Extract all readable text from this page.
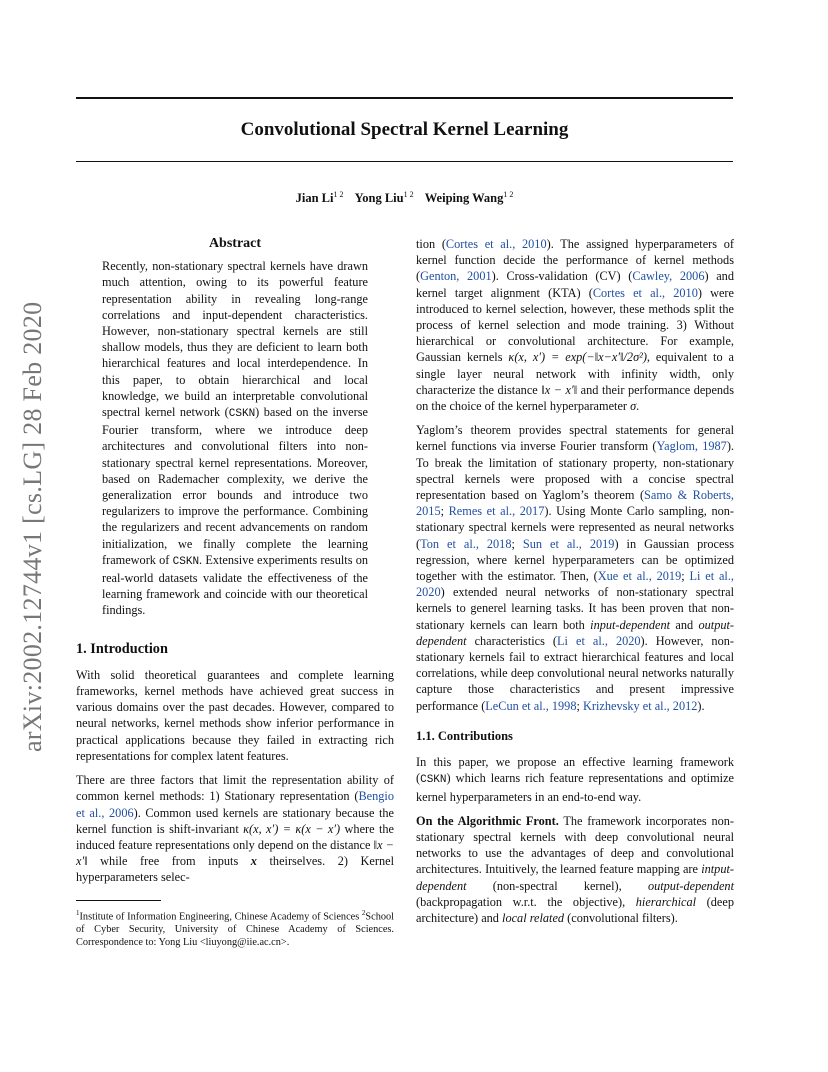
arXiv:2002.12744v1 [cs.LG] 28 Feb 2020
Convolutional Spectral Kernel Learning
Jian $Li^{1 2}$ Yong Liu$^{1 2}$ Weiping Wang$^{1 2}$
Abstract
Recently, non-stationary spectral kernels have drawn much attention, owing to its powerful feature representation ability in revealing long-range correlations and input-dependent characteristics. However, non-stationary spectral kernels are still shallow models, thus they are deficient to learn both hierarchical features and local interdependence. In this paper, to obtain hierarchical and local knowledge, we build an interpretable convolutional spectral kernel network (CSKN) based on the inverse Fourier transform, where we introduce deep architectures and convolutional filters into non-stationary spectral kernel representations. Moreover, based on Rademacher complexity, we derive the generalization error bounds and introduce two regularizers to improve the performance. Combining the regularizers and recent advancements on random initialization, we finally complete the learning framework of CSKN. Extensive experiments results on real-world datasets validate the effectiveness of the learning framework and coincide with our theoretical findings.
1. Introduction

With solid theoretical guarantees and complete learning frameworks, kernel methods have achieved great success in various domains over the past decades. However, compared to neural networks, kernel methods show inferior performance in practical applications because they failed in extracting rich representations for complex latent features.

There are three factors that limit the representation ability of common kernel methods: 1) Stationary representation (Bengio et al., 2006). Common used kernels are stationary because the kernel function is shift-invariant κ(x, x′) = κ(x − x′) where the induced feature representations only depend on the distance ‖x − x′‖ while free from inputs x theirselves. 2) Kernel hyperparameters selec-

$^1$Institute of Information Engineering, Chinese Academy of Sciences $^2$School of Cyber Security, University of Chinese Academy of Sciences. Correspondence to: Yong Liu <liuyong@iie.ac.cn>.

tion (Cortes et al., 2010). The assigned hyperparameters of kernel function decide the performance of kernel methods (Genton, 2001). Cross-validation (CV) (Cawley, 2006) and kernel target alignment (KTA) (Cortes et al., 2010) were introduced to kernel selection, however, these methods split the process of kernel selection and mode training. 3) Without hierarchical or convolutional architecture. For example, Gaussian kernels κ(x, x′) = exp(−‖x−x′‖/2σ²), equivalent to a single layer neural network with infinity width, only characterize the distance ‖x − x′‖ and their performance depends on the choice of the kernel hyperparameter σ.

Yaglom’s theorem provides spectral statements for general kernel functions via inverse Fourier transform (Yaglom, 1987). To break the limitation of stationary property, non-stationary spectral kernels were proposed with a concise spectral representation based on Yaglom’s theorem (Samo & Roberts, 2015; Remes et al., 2017). Using Monte Carlo sampling, non-stationary spectral kernels were represented as neural networks (Ton et al., 2018; Sun et al., 2019) in Gaussian process regression, where kernel hyperparameters can be optimized together with the estimator. Then, (Xue et al., 2019; Li et al., 2020) extended neural networks of non-stationary spectral kernels to generel learning tasks. It has been proven that non-stationary kernels can learn both input-dependent and output-dependent characteristics (Li et al., 2020). However, non-stationary kernels fail to extract hierarchical features and local correlations, while deep convolutional neural networks naturally capture those characteristics and present impressive performance (LeCun et al., 1998; Krizhevsky et al., 2012).

1.1. Contributions

In this paper, we propose an effective learning framework (CSKN) which learns rich feature representations and optimize kernel hyperparameters in an end-to-end way.

On the Algorithmic Front. The framework incorporates non-stationary spectral kernels with deep convolutional neural networks to use the advantages of deep and convolutional architectures. Intuitively, the learned feature mapping are intput-dependent (non-spectral kernel), output-dependent (backpropagation w.r.t. the objective), hierarchical (deep architecture) and local related (convolutional filters).
